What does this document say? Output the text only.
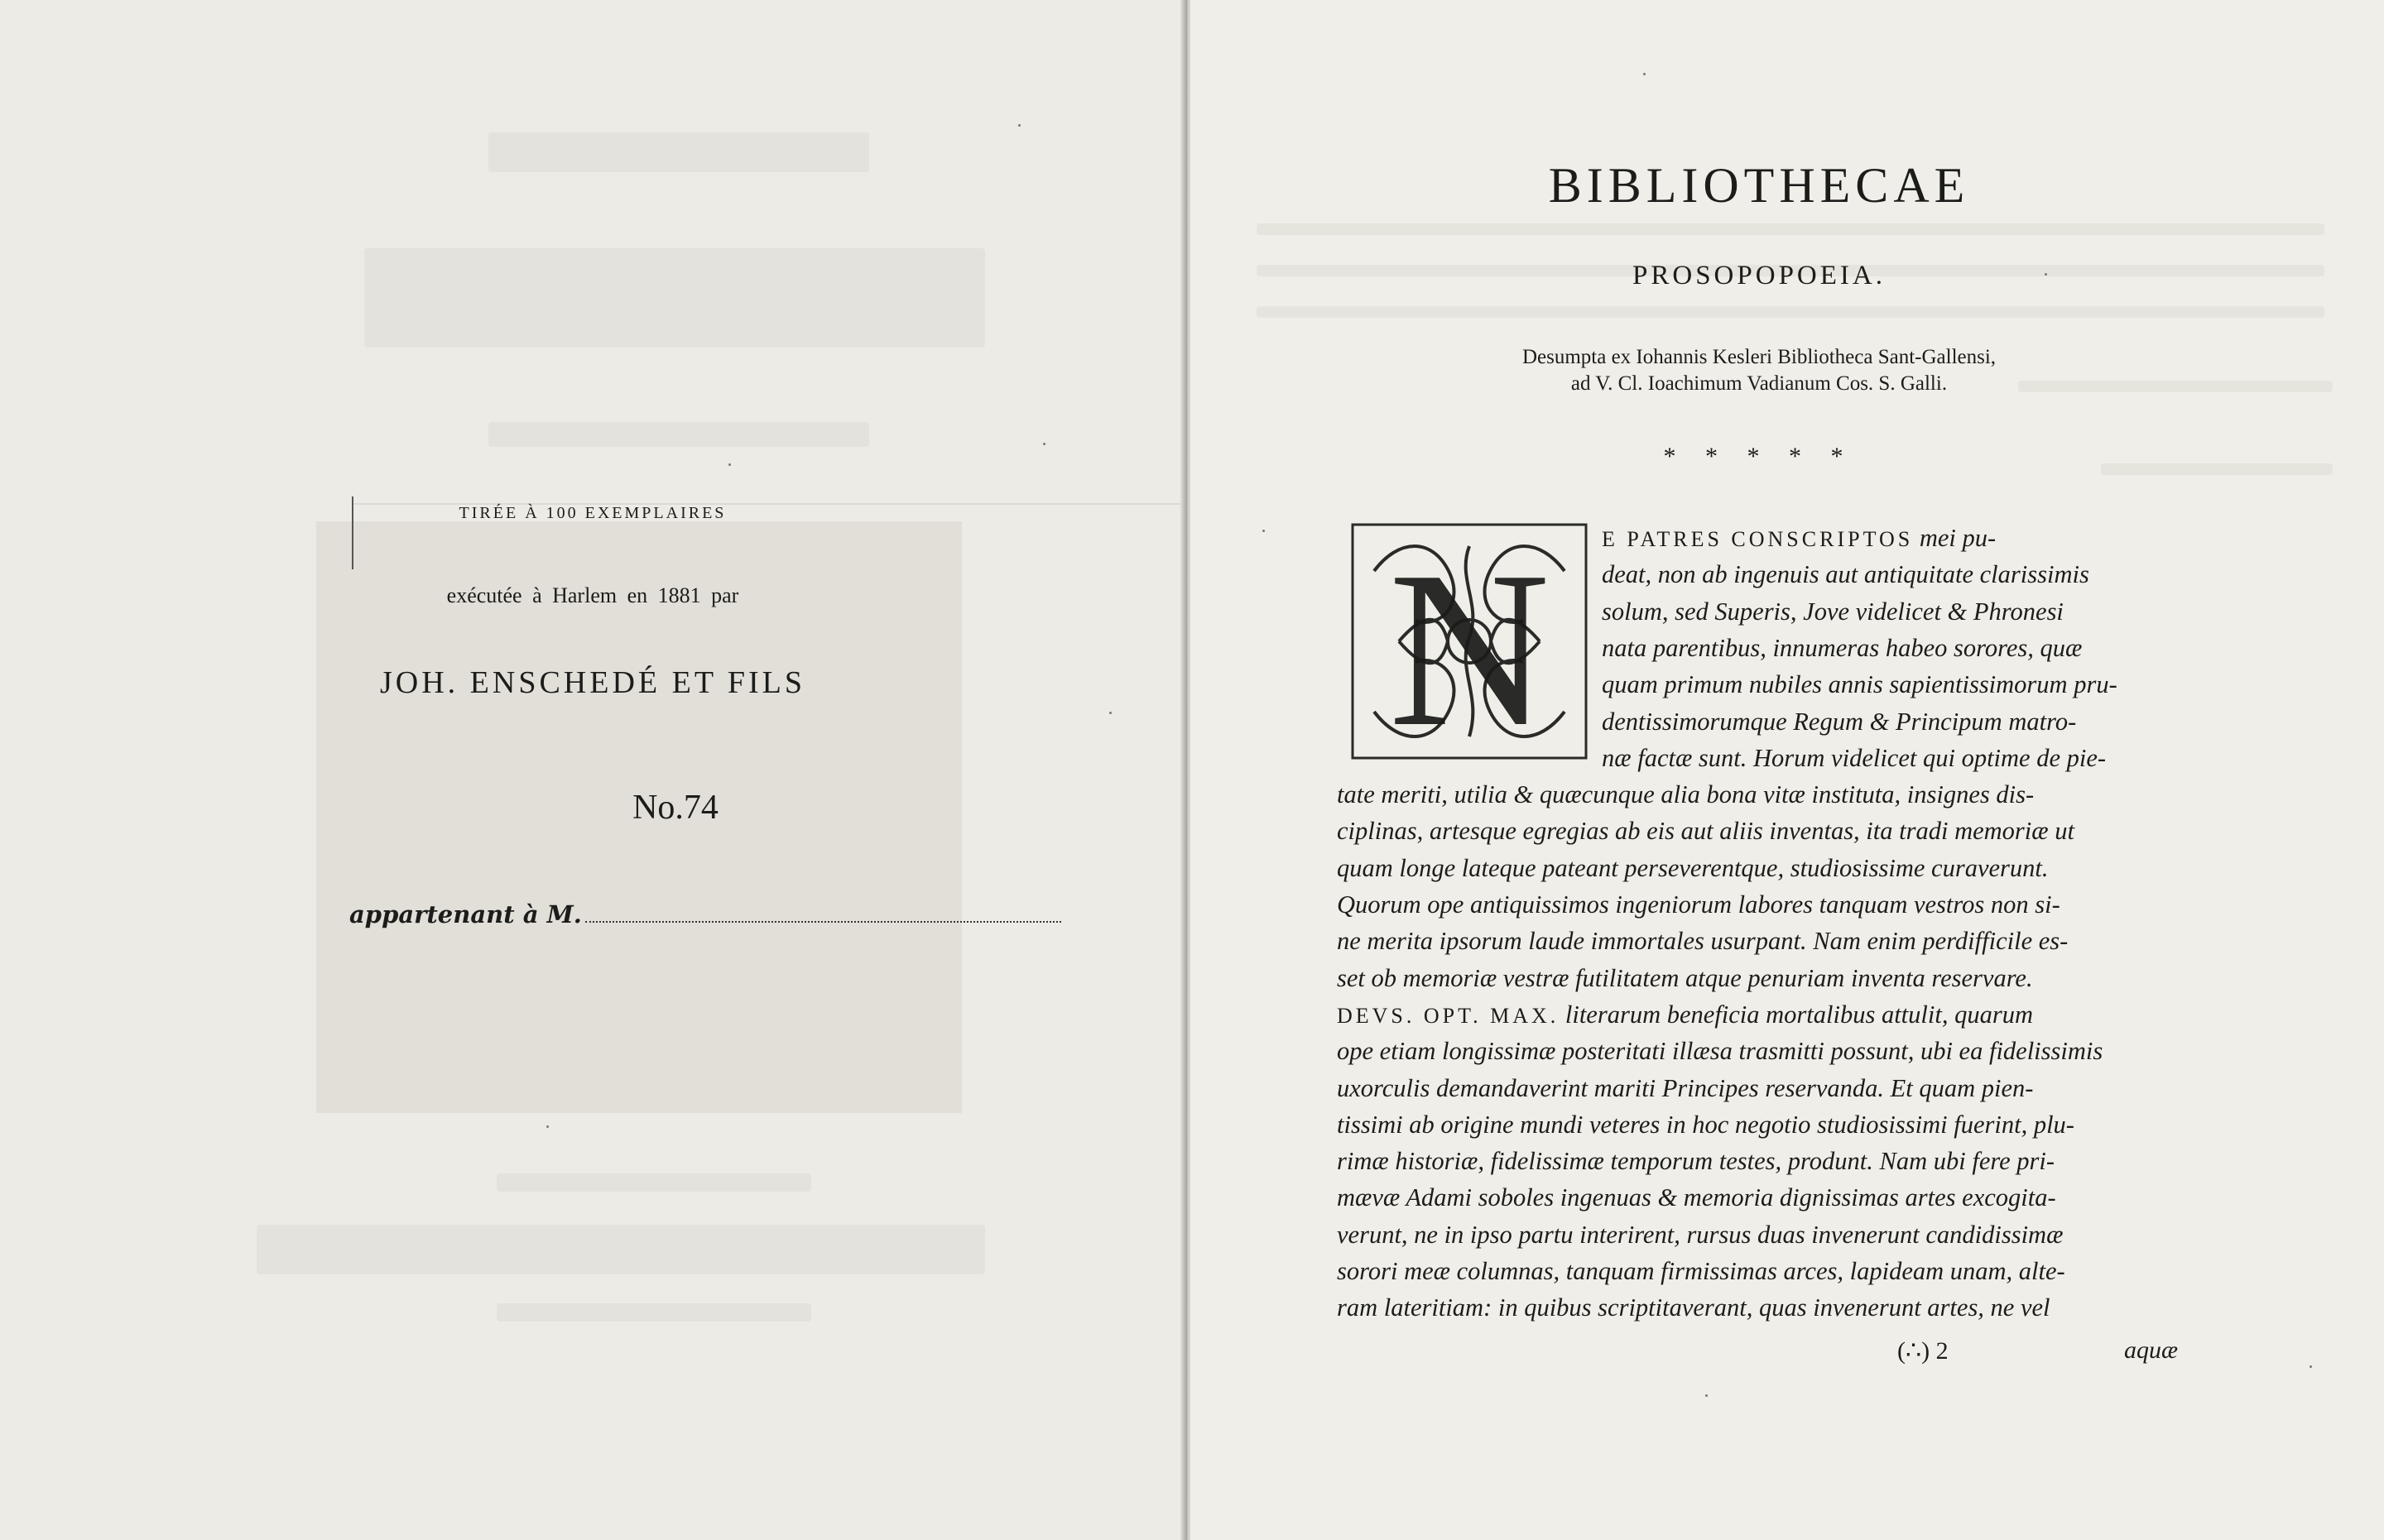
TIRÉE À 100 EXEMPLAIRES
exécutée à Harlem en 1881 par
JOH. ENSCHEDÉ ET FILS
No.74
appartenant à M.
BIBLIOTHECAE
PROSOPOPOEIA.
Desumpta ex Iohannis Kesleri Bibliotheca Sant-Gallensi,
ad V. Cl. Ioachimum Vadianum Cos. S. Galli.
* * * * *
N E PATRES CONSCRIPTOS mei pu-
deat, non ab ingenuis aut antiquitate clarissimis
solum, sed Superis, Jove videlicet & Phronesi
nata parentibus, innumeras habeo sorores, quæ
quam primum nubiles annis sapientissimorum pru-
dentissimorumque Regum & Principum matro-
næ factæ sunt. Horum videlicet qui optime de pie-
tate meriti, utilia & quæcunque alia bona vitæ instituta, insignes dis-
ciplinas, artesque egregias ab eis aut aliis inventas, ita tradi memoriæ ut
quam longe lateque pateant perseverentque, studiosissime curaverunt.
Quorum ope antiquissimos ingeniorum labores tanquam vestros non si-
ne merita ipsorum laude immortales usurpant. Nam enim perdifficile es-
set ob memoriæ vestræ futilitatem atque penuriam inventa reservare.
DEVS. OPT. MAX. literarum beneficia mortalibus attulit, quarum
ope etiam longissimæ posteritati illæsa trasmitti possunt, ubi ea fidelissimis
uxorculis demandaverint mariti Principes reservanda. Et quam pien-
tissimi ab origine mundi veteres in hoc negotio studiosissimi fuerint, plu-
rimæ historiæ, fidelissimæ temporum testes, produnt. Nam ubi fere pri-
mævæ Adami soboles ingenuas & memoria dignissimas artes excogita-
verunt, ne in ipso partu interirent, rursus duas invenerunt candidissimæ
sorori meæ columnas, tanquam firmissimas arces, lapideam unam, alte-
ram lateritiam: in quibus scriptitaverant, quas invenerunt artes, ne vel
(∴) 2	aquæ
